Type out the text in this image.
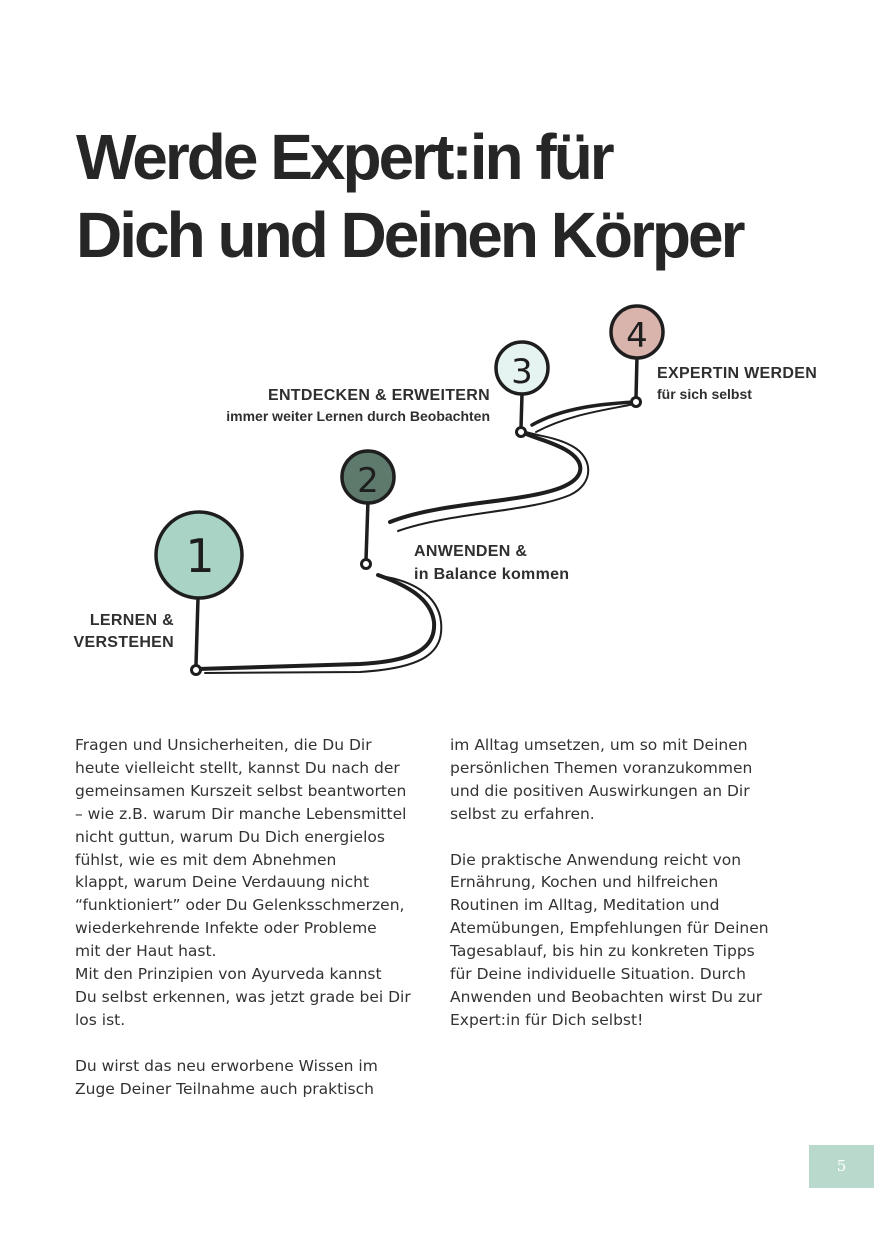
Werde Expert:in für
Dich und Deinen Körper
1
2
3
4
LERNEN &
VERSTEHEN
ANWENDEN &
in Balance kommen
ENTDECKEN & ERWEITERN
immer weiter Lernen durch Beobachten
EXPERTIN WERDEN
für sich selbst

Fragen und Unsicherheiten, die Du Dir
heute vielleicht stellt, kannst Du nach der
gemeinsamen Kurszeit selbst beantworten
– wie z.B. warum Dir manche Lebensmittel
nicht guttun, warum Du Dich energielos
fühlst, wie es mit dem Abnehmen
klappt, warum Deine Verdauung nicht
“funktioniert” oder Du Gelenksschmerzen,
wiederkehrende Infekte oder Probleme
mit der Haut hast.
Mit den Prinzipien von Ayurveda kannst
Du selbst erkennen, was jetzt grade bei Dir
los ist.

Du wirst das neu erworbene Wissen im
Zuge Deiner Teilnahme auch praktisch

im Alltag umsetzen, um so mit Deinen
persönlichen Themen voranzukommen
und die positiven Auswirkungen an Dir
selbst zu erfahren.

Die praktische Anwendung reicht von
Ernährung, Kochen und hilfreichen
Routinen im Alltag, Meditation und
Atemübungen, Empfehlungen für Deinen
Tagesablauf, bis hin zu konkreten Tipps
für Deine individuelle Situation. Durch
Anwenden und Beobachten wirst Du zur
Expert:in für Dich selbst!

5
